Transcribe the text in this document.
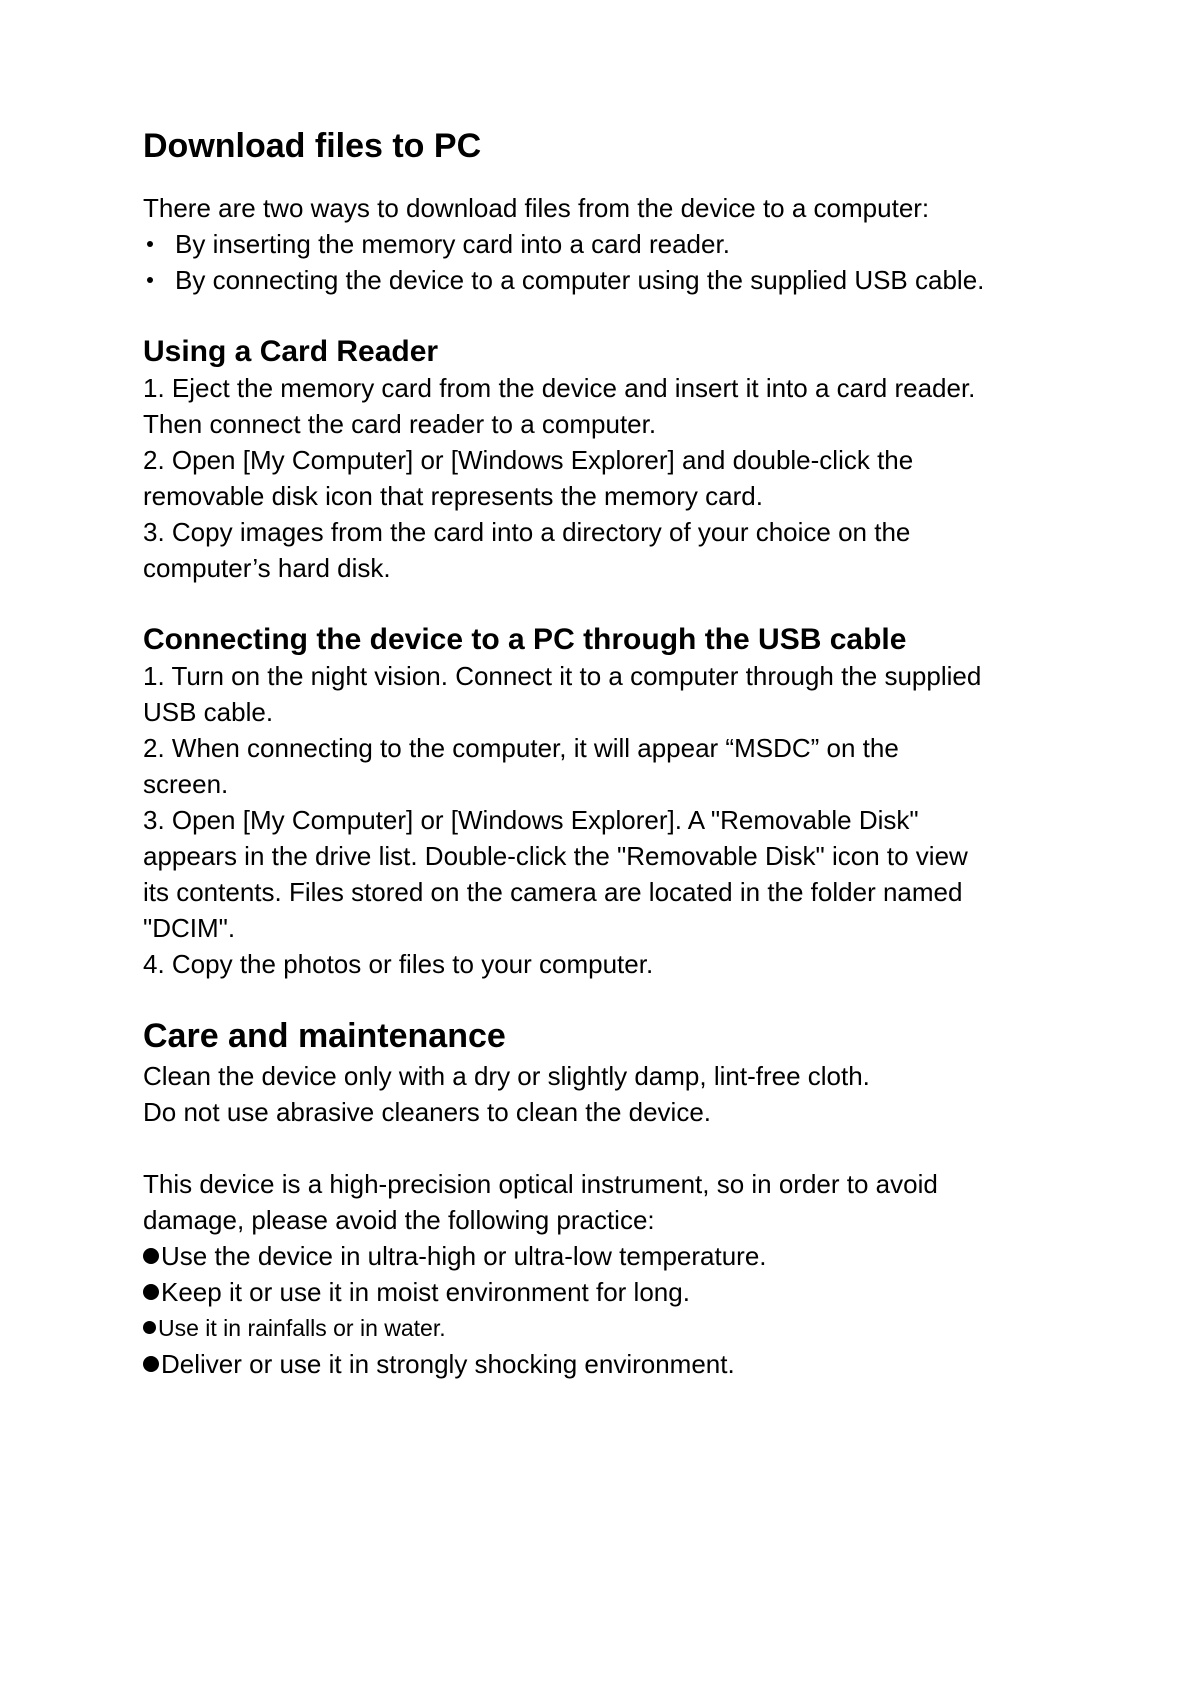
Download files to PC
There are two ways to download files from the device to a computer:
By inserting the memory card into a card reader.
By connecting the device to a computer using the supplied USB cable.
Using a Card Reader
1. Eject the memory card from the device and insert it into a card reader.
Then connect the card reader to a computer.
2. Open [My Computer] or [Windows Explorer] and double-click the
removable disk icon that represents the memory card.
3. Copy images from the card into a directory of your choice on the
computer’s hard disk.
Connecting the device to a PC through the USB cable
1. Turn on the night vision. Connect it to a computer through the supplied
USB cable.
2. When connecting to the computer, it will appear “MSDC” on the
screen.
3. Open [My Computer] or [Windows Explorer]. A "Removable Disk"
appears in the drive list. Double-click the "Removable Disk" icon to view
its contents. Files stored on the camera are located in the folder named
"DCIM".
4. Copy the photos or files to your computer.
Care and maintenance
Clean the device only with a dry or slightly damp, lint-free cloth.
Do not use abrasive cleaners to clean the device.
This device is a high-precision optical instrument, so in order to avoid
damage, please avoid the following practice:
Use the device in ultra-high or ultra-low temperature.
Keep it or use it in moist environment for long.
Use it in rainfalls or in water.
Deliver or use it in strongly shocking environment.
